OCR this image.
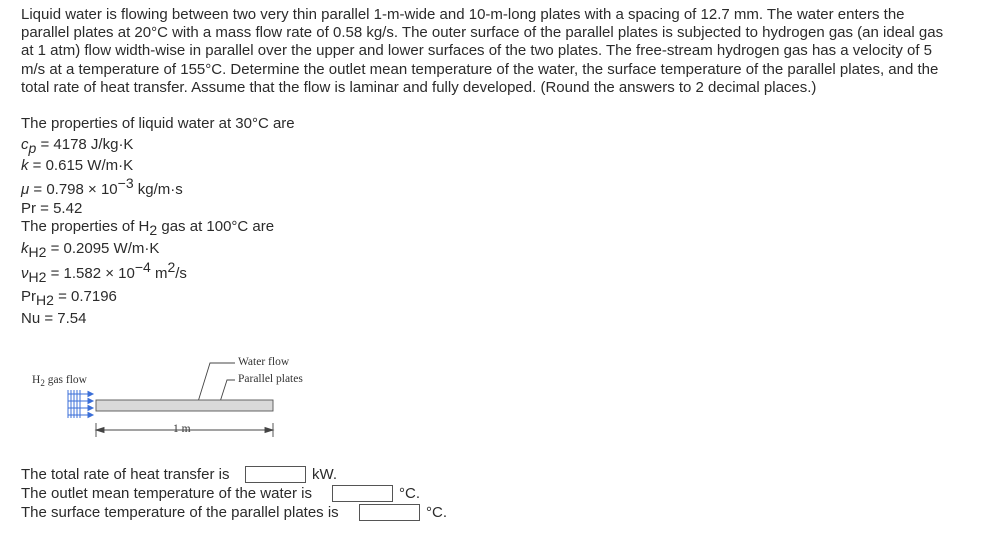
Liquid water is flowing between two very thin parallel 1-m-wide and 10-m-long plates with a spacing of 12.7 mm. The water enters the parallel plates at 20°C with a mass flow rate of 0.58 kg/s. The outer surface of the parallel plates is subjected to hydrogen gas (an ideal gas at 1 atm) flow width-wise in parallel over the upper and lower surfaces of the two plates. The free-stream hydrogen gas has a velocity of 5 m/s at a temperature of 155°C. Determine the outlet mean temperature of the water, the surface temperature of the parallel plates, and the total rate of heat transfer. Assume that the flow is laminar and fully developed. (Round the answers to 2 decimal places.)
The properties of liquid water at 30°C are
$c_p = 4178$ J/kg·K
k = 0.615 W/m·K
$\mu = 0.798 \times 10^{-3}$ kg/m·s
Pr = 5.42
The properties of $H_2$ gas at 100°C are
$k_{H2} = 0.2095$ W/m·K
$\nu_{H2} = 1.582 \times 10^{-4}$ $m^2/s$
$Pr_{H2} = 0.7196$
Nu = 7.54
$H_2$ gas flow
Water flow
Parallel plates
1 m
The total rate of heat transfer is	kW.
The outlet mean temperature of the water is	°C.
The surface temperature of the parallel plates is	°C.
